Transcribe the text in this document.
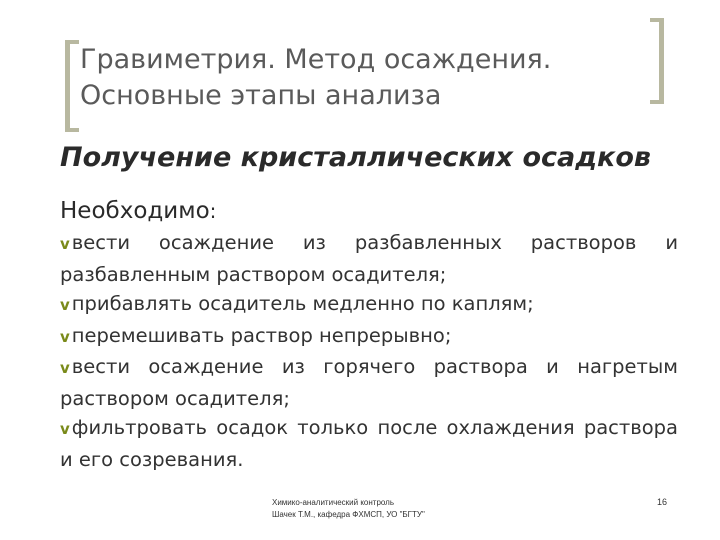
Гравиметрия. Метод осаждения.
Основные этапы анализа
Получение кристаллических осадков
Необходимо:
v вести осаждение из разбавленных растворов и разбавленным раствором осадителя;
v прибавлять осадитель медленно по каплям;
v перемешивать раствор непрерывно;
v вести осаждение из горячего раствора и нагретым раствором осадителя;
v фильтровать осадок только после охлаждения раствора и его созревания.
Химико-аналитический контроль
Шачек Т.М., кафедра ФХМСП, УО "БГТУ"
16
